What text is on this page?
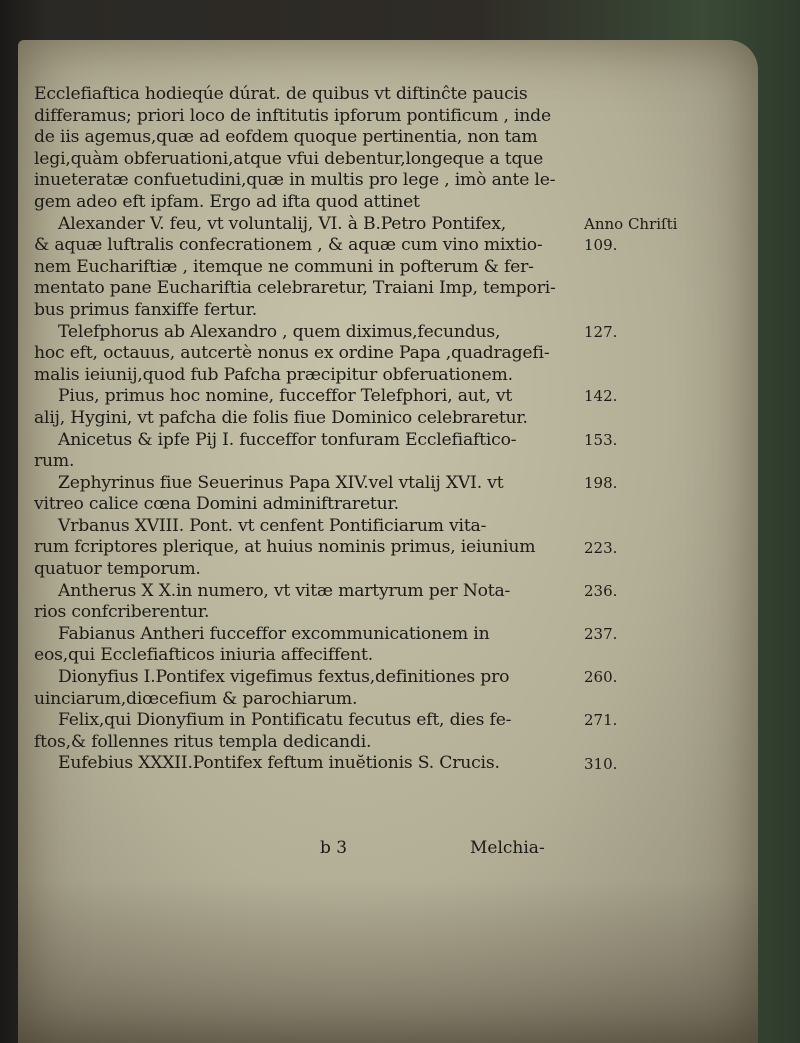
Ecclefiaftica hodieqúe dúrat. de quibus vt diftinĉte paucis
differamus; priori loco de inftitutis ipforum pontificum , inde
de iis agemus,quæ ad eofdem quoque pertinentia, non tam
legi,quàm obferuationi,atque vfui debentur,longeque a tque
inueteratæ confuetudini,quæ in multis pro lege , imò ante le-
gem adeo eft ipfam. Ergo ad ifta quod attinet
Alexander V. feu, vt voluntalij, VI. à B.Petro Pontifex,
& aquæ luftralis confecrationem , & aquæ cum vino mixtio-
nem Euchariftiæ , itemque ne communi in pofterum & fer-
mentato pane Euchariftia celebraretur, Traiani Imp, tempori-
bus primus fanxiffe fertur.
Telefphorus ab Alexandro , quem diximus,fecundus,
hoc eft, octauus, autcertè nonus ex ordine Papa ,quadragefi-
malis ieiunij,quod fub Pafcha præcipitur obferuationem.
Pius, primus hoc nomine, fucceffor Telefphori, aut, vt
alij, Hygini, vt pafcha die folis fiue Dominico celebraretur.
Anicetus & ipfe Pij I. fucceffor tonfuram Ecclefiaftico-
rum.
Zephyrinus fiue Seuerinus Papa XIV.vel vtalij XVI. vt
vitreo calice cœna Domini adminiftraretur.
Vrbanus XVIII. Pont. vt cenfent Pontificiarum vita-
rum fcriptores plerique, at huius nominis primus, ieiunium
quatuor temporum.
Antherus X X.in numero, vt vitæ martyrum per Nota-
rios confcriberentur.
Fabianus Antheri fucceffor excommunicationem in
eos,qui Ecclefiafticos iniuria affeciffent.
Dionyfius I.Pontifex vigefimus fextus,definitiones pro
uinciarum,diœcefium & parochiarum.
Felix,qui Dionyfium in Pontificatu fecutus eft, dies fe-
ftos,& follennes ritus templa dedicandi.
Eufebius XXXII.Pontifex feftum inuĕtionis S. Crucis.
Anno Chriſti
109.
127.
142.
153.
198.
223.
236.
237.
260.
271.
310.
b 3	Melchia-
